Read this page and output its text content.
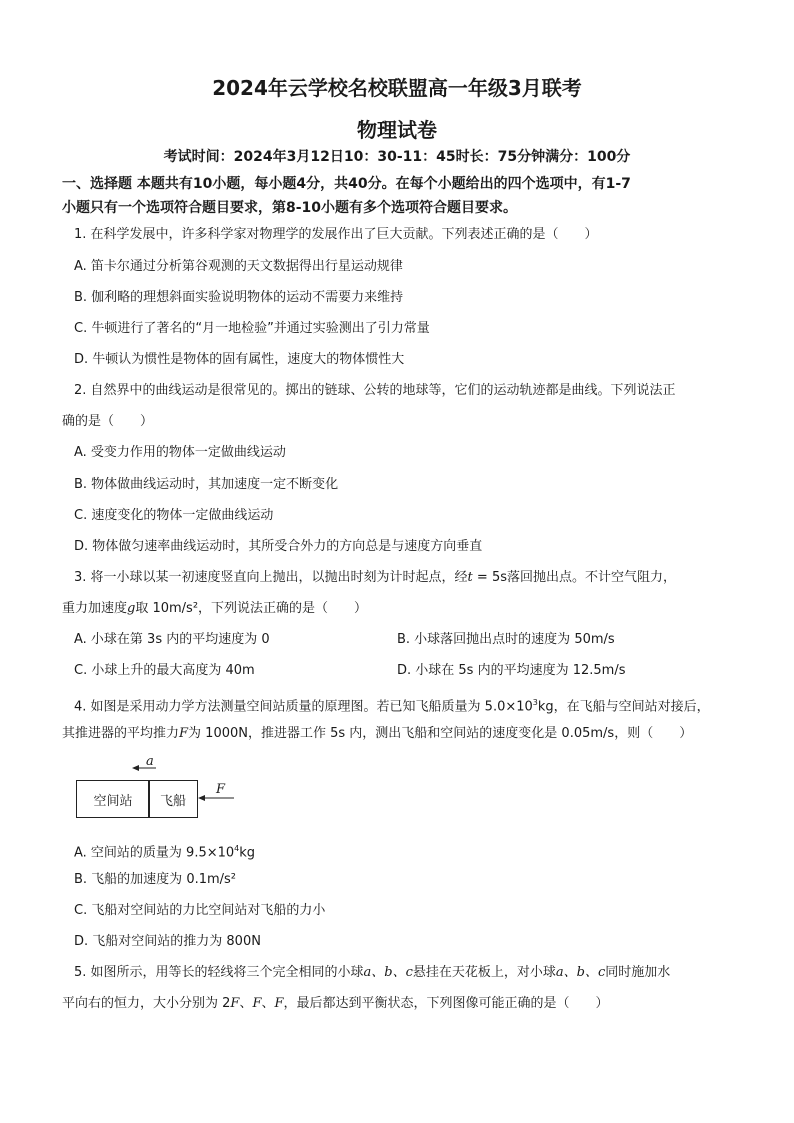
2024年云学校名校联盟高一年级3月联考
物理试卷
考试时间：2024年3月12日10：30-11：45时长：75分钟满分：100分
一、选择题 本题共有10小题，每小题4分，共40分。在每个小题给出的四个选项中，有1-7
小题只有一个选项符合题目要求，第8-10小题有多个选项符合题目要求。
1. 在科学发展中，许多科学家对物理学的发展作出了巨大贡献。下列表述正确的是（　　）
A. 笛卡尔通过分析第谷观测的天文数据得出行星运动规律
B. 伽利略的理想斜面实验说明物体的运动不需要力来维持
C. 牛顿进行了著名的“月一地检验”并通过实验测出了引力常量
D. 牛顿认为惯性是物体的固有属性，速度大的物体惯性大
2. 自然界中的曲线运动是很常见的。掷出的链球、公转的地球等，它们的运动轨迹都是曲线。下列说法正
确的是（　　）
A. 受变力作用的物体一定做曲线运动
B. 物体做曲线运动时，其加速度一定不断变化
C. 速度变化的物体一定做曲线运动
D. 物体做匀速率曲线运动时，其所受合外力的方向总是与速度方向垂直
3. 将一小球以某一初速度竖直向上抛出，以抛出时刻为计时起点，经t = 5s落回抛出点。不计空气阻力，
重力加速度g取 10m/s²，下列说法正确的是（　　）
A. 小球在第 3s 内的平均速度为 0	B. 小球落回抛出点时的速度为 50m/s
C. 小球上升的最大高度为 40m	D. 小球在 5s 内的平均速度为 12.5m/s
4. 如图是采用动力学方法测量空间站质量的原理图。若已知飞船质量为 $5.0\times 10^3kg$，在飞船与空间站对接后，
其推进器的平均推力F为 1000N，推进器工作 5s 内，测出飞船和空间站的速度变化是 0.05m/s，则（　　）
a
F
空间站	飞船
A. 空间站的质量为 $9.5\times 10^4kg$
B. 飞船的加速度为 0.1m/s²
C. 飞船对空间站的力比空间站对飞船的力小
D. 飞船对空间站的推力为 800N
5. 如图所示，用等长的轻线将三个完全相同的小球a、b、c悬挂在天花板上，对小球a、b、c同时施加水
平向右的恒力，大小分别为 2F、F、F，最后都达到平衡状态，下列图像可能正确的是（　　）
